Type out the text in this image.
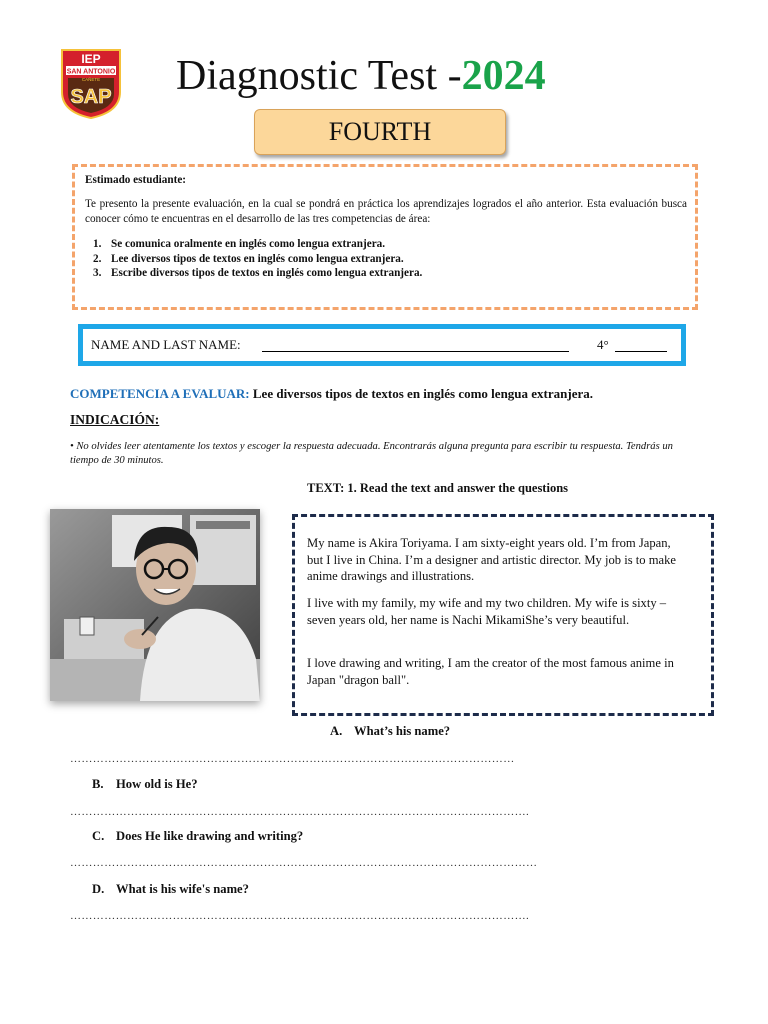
IEP
SAN ANTONIO
CAÑETE
SAP Diagnostic Test -2024
FOURTH
Estimado estudiante:
Te presento la presente evaluación, en la cual se pondrá en práctica los aprendizajes logrados el año anterior. Esta evaluación busca conocer cómo te encuentras en el desarrollo de las tres competencias de área:
1. Se comunica oralmente en inglés como lengua extranjera.
2. Lee diversos tipos de textos en inglés como lengua extranjera.
3. Escribe diversos tipos de textos en inglés como lengua extranjera.
NAME AND LAST NAME:	4°
COMPETENCIA A EVALUAR: Lee diversos tipos de textos en inglés como lengua extranjera.
INDICACIÓN:
• No olvides leer atentamente los textos y escoger la respuesta adecuada. Encontrarás alguna pregunta para escribir tu respuesta. Tendrás un tiempo de 30 minutos.
TEXT: 1. Read the text and answer the questions

My name is Akira Toriyama. I am sixty-eight years old. I’m from Japan, but I live in China. I’m a designer and artistic director. My job is to make anime drawings and illustrations.

I live with my family, my wife and my two children. My wife is sixty – seven years old, her name is Nachi MikamiShe’s very beautiful.

I love drawing and writing, I am the creator of the most famous anime in Japan "dragon ball".

A. What’s his name?
………………………………………………………………………………………………………
B. How old is He?
………………………………………………………………………………………………………….
C. Does He like drawing and writing?
……………………………………………………………………………………………………………
D. What is his wife's name?
………………………………………………………………………………………………………….
